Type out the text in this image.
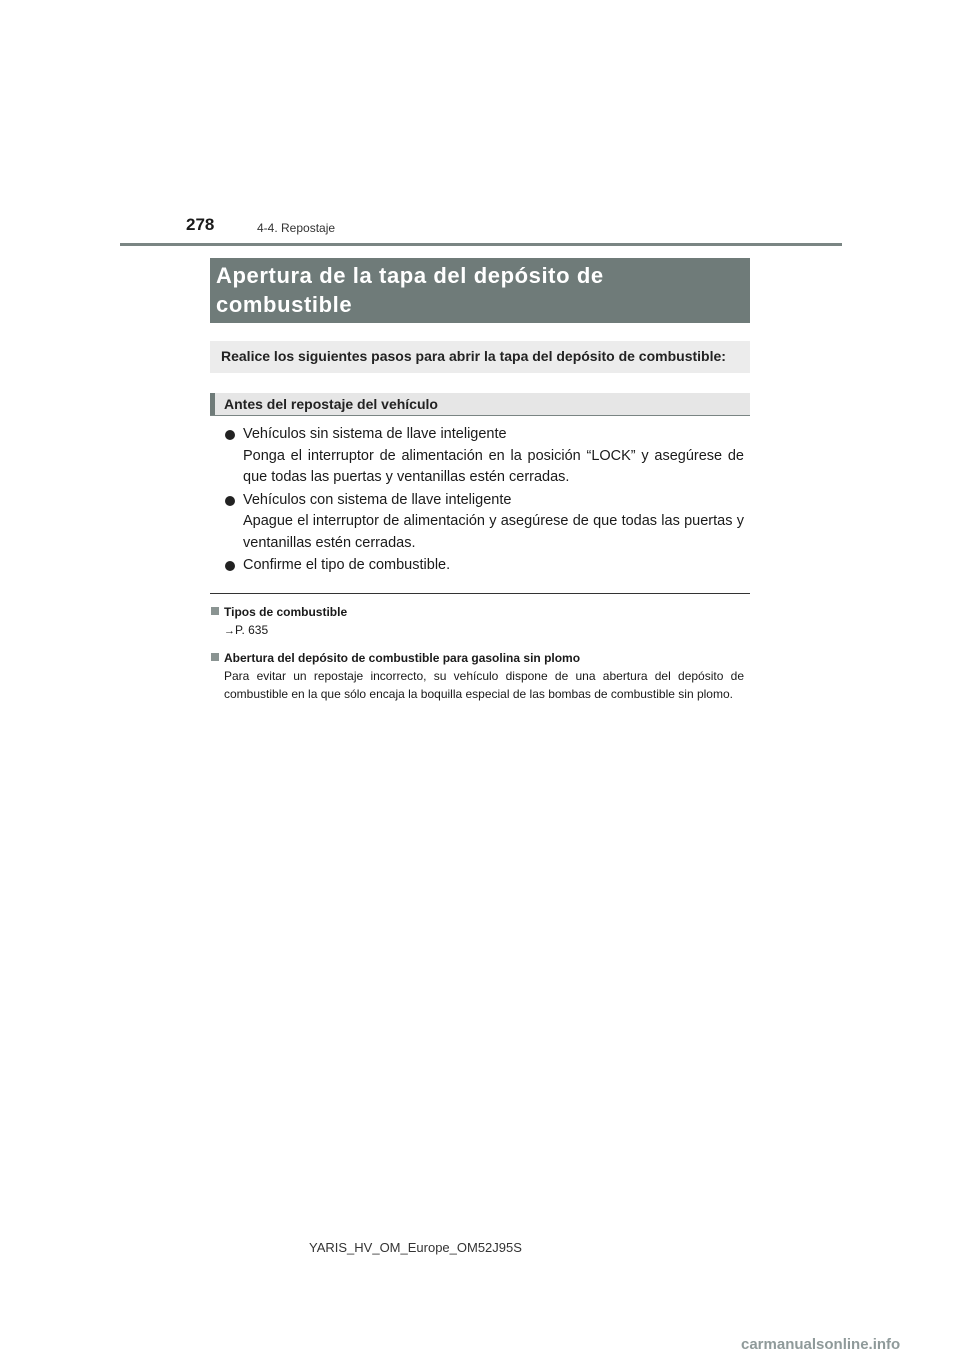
278	4-4. Repostaje
Apertura de la tapa del depósito de combustible
Realice los siguientes pasos para abrir la tapa del depósito de combustible:
Antes del repostaje del vehículo
Vehículos sin sistema de llave inteligente
Ponga el interruptor de alimentación en la posición “LOCK” y asegúrese de que todas las puertas y ventanillas estén cerradas.
Vehículos con sistema de llave inteligente
Apague el interruptor de alimentación y asegúrese de que todas las puertas y ventanillas estén cerradas.
Confirme el tipo de combustible.
Tipos de combustible
→P. 635
Abertura del depósito de combustible para gasolina sin plomo
Para evitar un repostaje incorrecto, su vehículo dispone de una abertura del depósito de combustible en la que sólo encaja la boquilla especial de las bombas de combustible sin plomo.
YARIS_HV_OM_Europe_OM52J95S
carmanualsonline.info
